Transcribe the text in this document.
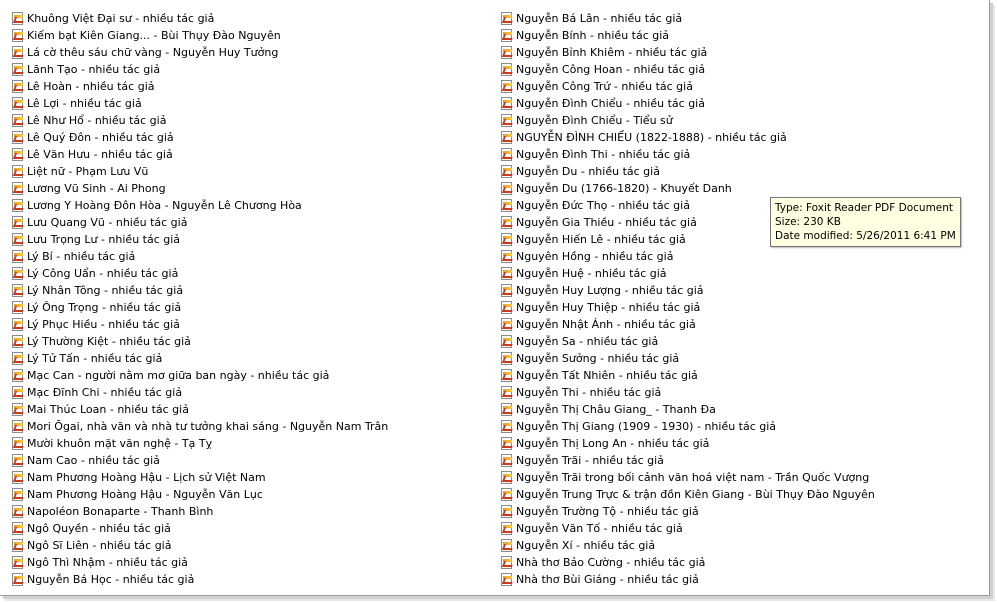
Khuông Việt Đại sư - nhiều tác giả
Kiếm bạt Kiên Giang... - Bùi Thụy Đào Nguyên
Lá cờ thêu sáu chữ vàng - Nguyễn Huy Tưởng
Lãnh Tạo - nhiều tác giả
Lê Hoàn - nhiều tác giả
Lê Lợi - nhiều tác giả
Lê Như Hổ - nhiều tác giả
Lê Quý Đôn - nhiều tác giả
Lê Văn Hưu - nhiều tác giả
Liệt nữ - Phạm Lưu Vũ
Lương Vũ Sinh - Ai Phong
Lương Y Hoàng Đôn Hòa - Nguyễn Lê Chương Hòa
Lưu Quang Vũ - nhiều tác giả
Lưu Trọng Lư - nhiều tác giả
Lý Bí - nhiều tác giả
Lý Công Uẩn - nhiều tác giả
Lý Nhân Tông - nhiều tác giả
Lý Ông Trọng - nhiều tác giả
Lý Phục Hiều - nhiều tác giả
Lý Thường Kiệt - nhiều tác giả
Lý Tử Tấn - nhiều tác giả
Mạc Can - người nằm mơ giữa ban ngày - nhiều tác giả
Mạc Đĩnh Chi - nhiều tác giả
Mai Thúc Loan - nhiều tác giả
Mori Ōgai, nhà văn và nhà tư tưởng khai sáng - Nguyễn Nam Trân
Mười khuôn mặt văn nghệ - Tạ Tỵ
Nam Cao - nhiều tác giả
Nam Phương Hoàng Hậu - Lịch sử Việt Nam
Nam Phương Hoàng Hậu - Nguyễn Văn Lục
Napoléon Bonaparte - Thanh Bình
Ngô Quyền - nhiều tác giả
Ngô Sĩ Liên - nhiều tác giả
Ngô Thì Nhậm - nhiều tác giả
Nguyễn Bá Học - nhiều tác giả
Nguyễn Bá Lân - nhiều tác giả
Nguyễn Bính - nhiều tác giả
Nguyễn Bỉnh Khiêm - nhiều tác giả
Nguyễn Công Hoan - nhiều tác giả
Nguyễn Công Trứ - nhiều tác giả
Nguyễn Đình Chiểu - nhiều tác giả
Nguyễn Đình Chiểu - Tiểu sử
NGUYỄN ĐÌNH CHIỂU (1822-1888) - nhiều tác giả
Nguyễn Đình Thi - nhiều tác giả
Nguyễn Du - nhiều tác giả
Nguyễn Du (1766-1820) - Khuyết Danh
Nguyễn Đức Thọ - nhiều tác giả
Nguyễn Gia Thiều - nhiều tác giả
Nguyễn Hiến Lê - nhiều tác giả
Nguyên Hồng - nhiều tác giả
Nguyễn Huệ - nhiều tác giả
Nguyễn Huy Lượng - nhiều tác giả
Nguyễn Huy Thiệp - nhiều tác giả
Nguyễn Nhật Ánh - nhiều tác giả
Nguyễn Sa - nhiều tác giả
Nguyễn Sưởng - nhiều tác giả
Nguyễn Tất Nhiên - nhiều tác giả
Nguyễn Thi - nhiều tác giả
Nguyễn Thị Châu Giang_ - Thanh Đa
Nguyễn Thị Giang (1909 - 1930) - nhiều tác giả
Nguyễn Thị Long An - nhiều tác giả
Nguyễn Trãi - nhiều tác giả
Nguyễn Trãi trong bối cảnh văn hoá việt nam - Trần Quốc Vượng
Nguyễn Trung Trực & trận đồn Kiên Giang - Bùi Thụy Đào Nguyên
Nguyễn Trường Tộ - nhiều tác giả
Nguyễn Văn Tố - nhiều tác giả
Nguyễn Xí - nhiều tác giả
Nhà thơ Bảo Cường - nhiều tác giả
Nhà thơ Bùi Giáng - nhiều tác giả
Type: Foxit Reader PDF Document
Size: 230 KB
Date modified: 5/26/2011 6:41 PM
